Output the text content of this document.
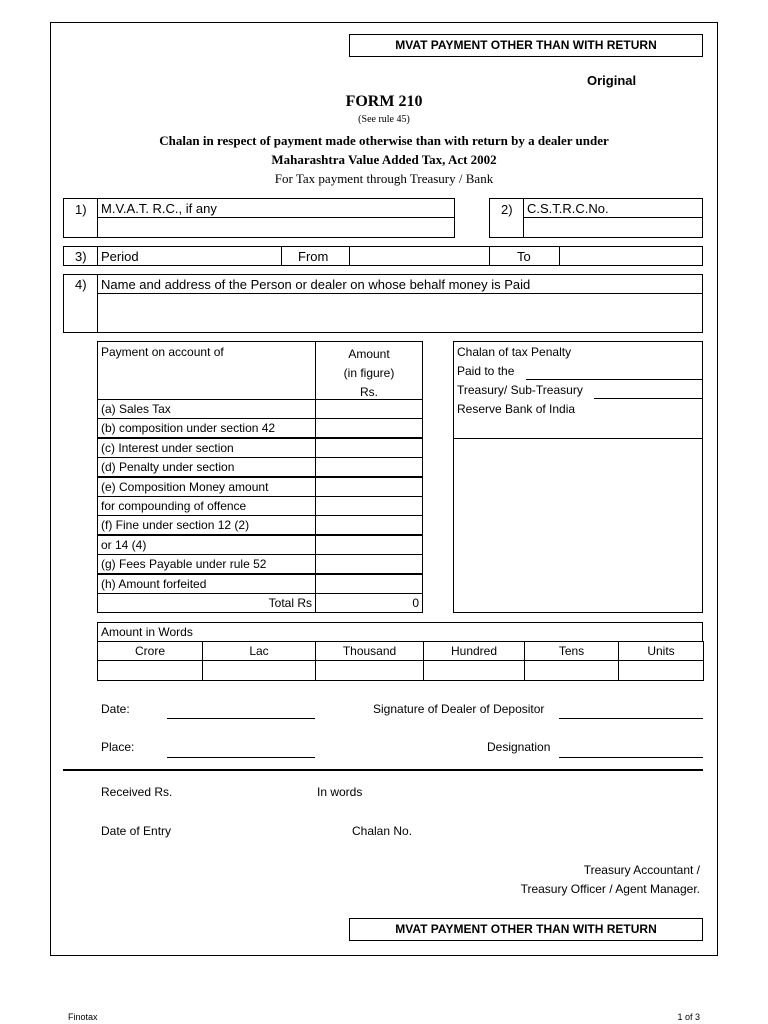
MVAT PAYMENT OTHER THAN WITH RETURN
Original
FORM 210
(See rule 45)
Chalan in respect of payment made otherwise than with return by a dealer under
Maharashtra Value Added Tax, Act 2002
For Tax payment through Treasury / Bank
1) M.V.A.T. R.C., if any	2) C.S.T.R.C.No.
3) Period	From	To
4) Name and address of the Person or dealer on whose behalf money is Paid
Payment on account of	Amount
(in figure)
Rs.
(a) Sales Tax
(b) composition under section 42
(c) Interest under section
(d) Penalty under section
(e) Composition Money amount
for compounding of offence
(f) Fine under section 12 (2)
or 14 (4)
(g) Fees Payable under rule 52
(h) Amount forfeited
Total Rs	0
Chalan of tax Penalty
Paid to the
Treasury/ Sub-Treasury
Reserve Bank of India
Amount in Words
Crore	Lac	Thousand	Hundred	Tens	Units
Date:	Signature of Dealer of Depositor
Place:	Designation
Received Rs.	In words
Date of Entry	Chalan No.
Treasury Accountant /
Treasury Officer / Agent Manager.
MVAT PAYMENT OTHER THAN WITH RETURN
Finotax	1 of 3
